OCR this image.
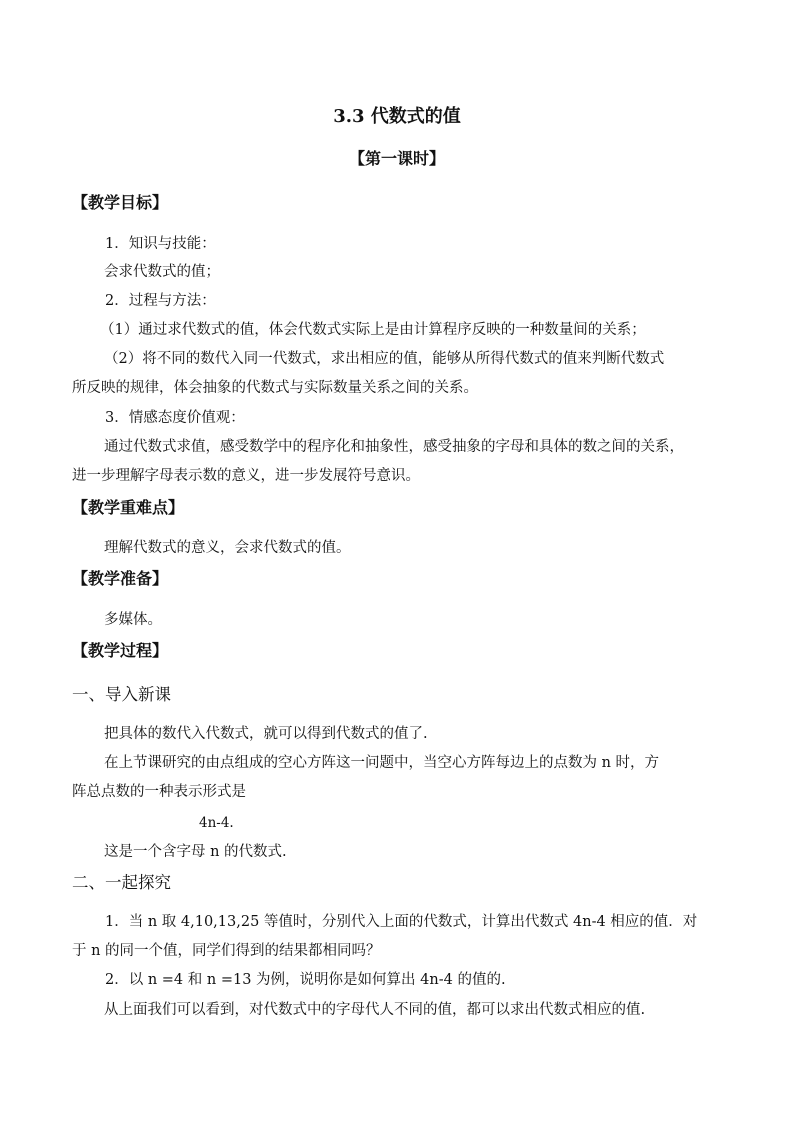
3.3 代数式的值
【第一课时】
【教学目标】
1．知识与技能：
会求代数式的值；
2．过程与方法：
（1）通过求代数式的值，体会代数式实际上是由计算程序反映的一种数量间的关系；
（2）将不同的数代入同一代数式，求出相应的值，能够从所得代数式的值来判断代数式
所反映的规律，体会抽象的代数式与实际数量关系之间的关系。
3．情感态度价值观：
通过代数式求值，感受数学中的程序化和抽象性，感受抽象的字母和具体的数之间的关系，
进一步理解字母表示数的意义，进一步发展符号意识。
【教学重难点】
理解代数式的意义，会求代数式的值。
【教学准备】
多媒体。
【教学过程】
一、导入新课
把具体的数代入代数式，就可以得到代数式的值了.
在上节课研究的由点组成的空心方阵这一问题中，当空心方阵每边上的点数为 n 时，方
阵总点数的一种表示形式是
4n-4.
这是一个含字母 n 的代数式.
二、一起探究
1．当 n 取 4,10,13,25 等值时，分别代入上面的代数式，计算出代数式 4n-4 相应的值．对
于 n 的同一个值，同学们得到的结果都相同吗？
2．以 n =4 和 n =13 为例，说明你是如何算出 4n-4 的值的.
从上面我们可以看到，对代数式中的字母代人不同的值，都可以求出代数式相应的值.
